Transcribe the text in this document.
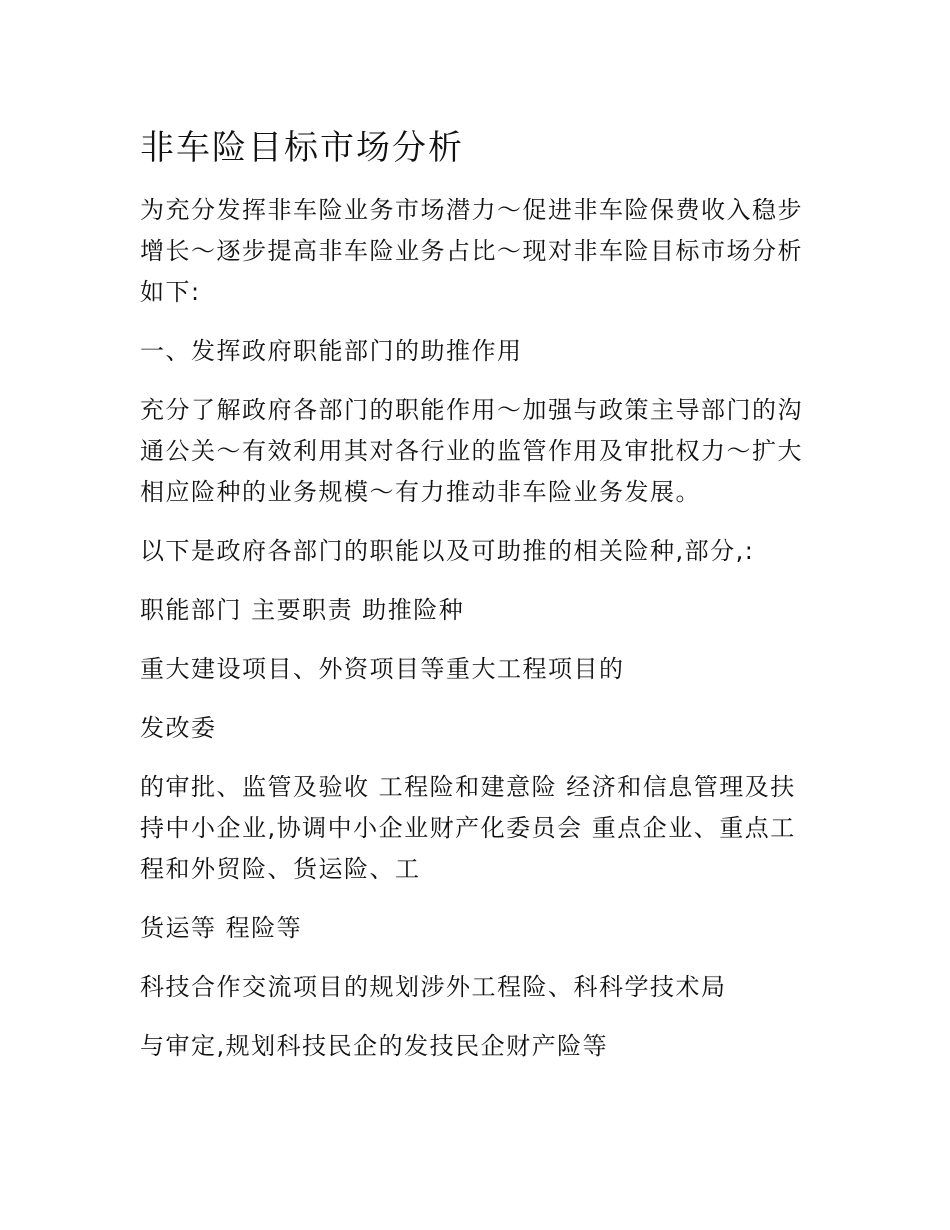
非车险目标市场分析

为充分发挥非车险业务市场潜力～促进非车险保费收入稳步增长～逐步提高非车险业务占比～现对非车险目标市场分析如下:

一、发挥政府职能部门的助推作用

充分了解政府各部门的职能作用～加强与政策主导部门的沟通公关～有效利用其对各行业的监管作用及审批权力～扩大相应险种的业务规模～有力推动非车险业务发展。

以下是政府各部门的职能以及可助推的相关险种,部分,:

职能部门 主要职责 助推险种

重大建设项目、外资项目等重大工程项目的

发改委

的审批、监管及验收 工程险和建意险 经济和信息管理及扶持中小企业,协调中小企业财产化委员会 重点企业、重点工程和外贸险、货运险、工

货运等 程险等

科技合作交流项目的规划涉外工程险、科科学技术局

与审定,规划科技民企的发技民企财产险等
